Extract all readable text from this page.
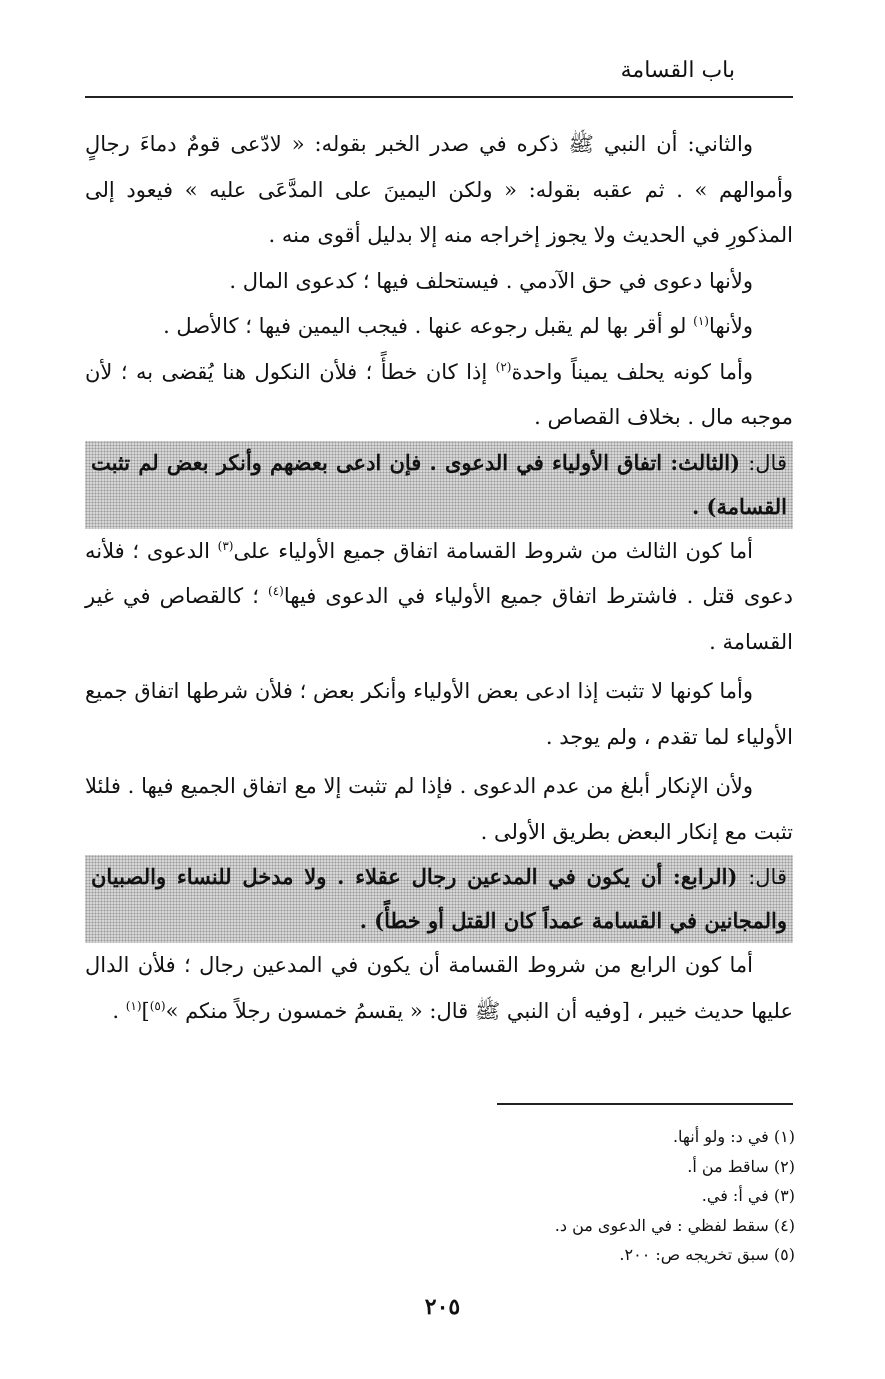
باب القسامة

والثاني: أن النبي ﷺ ذكره في صدر الخبر بقوله: « لادّعى قومٌ دماءَ رجالٍ وأموالهم » . ثم عقبه بقوله: « ولكن اليمينَ على المدَّعَى عليه » فيعود إلى المذكورِ في الحديث ولا يجوز إخراجه منه إلا بدليل أقوى منه .

ولأنها دعوى في حق الآدمي . فيستحلف فيها ؛ كدعوى المال .

ولأنها$^{(١)}$ لو أقر بها لم يقبل رجوعه عنها . فيجب اليمين فيها ؛ كالأصل .

وأما كونه يحلف يميناً واحدة$^{(٢)}$ إذا كان خطأً ؛ فلأن النكول هنا يُقضى به ؛ لأن موجبه مال . بخلاف القصاص .

قال: (الثالث: اتفاق الأولياء في الدعوى . فإن ادعى بعضهم وأنكر بعض لم تثبت القسامة) .

أما كون الثالث من شروط القسامة اتفاق جميع الأولياء على$^{(٣)}$ الدعوى ؛ فلأنه دعوى قتل . فاشترط اتفاق جميع الأولياء في الدعوى فيها$^{(٤)}$ ؛ كالقصاص في غير القسامة .

وأما كونها لا تثبت إذا ادعى بعض الأولياء وأنكر بعض ؛ فلأن شرطها اتفاق جميع الأولياء لما تقدم ، ولم يوجد .

ولأن الإنكار أبلغ من عدم الدعوى . فإذا لم تثبت إلا مع اتفاق الجميع فيها . فلئلا تثبت مع إنكار البعض بطريق الأولى .

قال: (الرابع: أن يكون في المدعين رجال عقلاء . ولا مدخل للنساء والصبيان والمجانين في القسامة عمداً كان القتل أو خطأً) .

أما كون الرابع من شروط القسامة أن يكون في المدعين رجال ؛ فلأن الدال عليها حديث خيبر ، [وفيه أن النبي ﷺ قال: « يقسمُ خمسون رجلاً منكم »$^{(٥)}$]$^{(١)}$ .

(١) في د: ولو أنها.
(٢) ساقط من أ.
(٣) في أ: في.
(٤) سقط لفظي : في الدعوى من د.
(٥) سبق تخريجه ص: ٢٠٠.
٢٠٥
